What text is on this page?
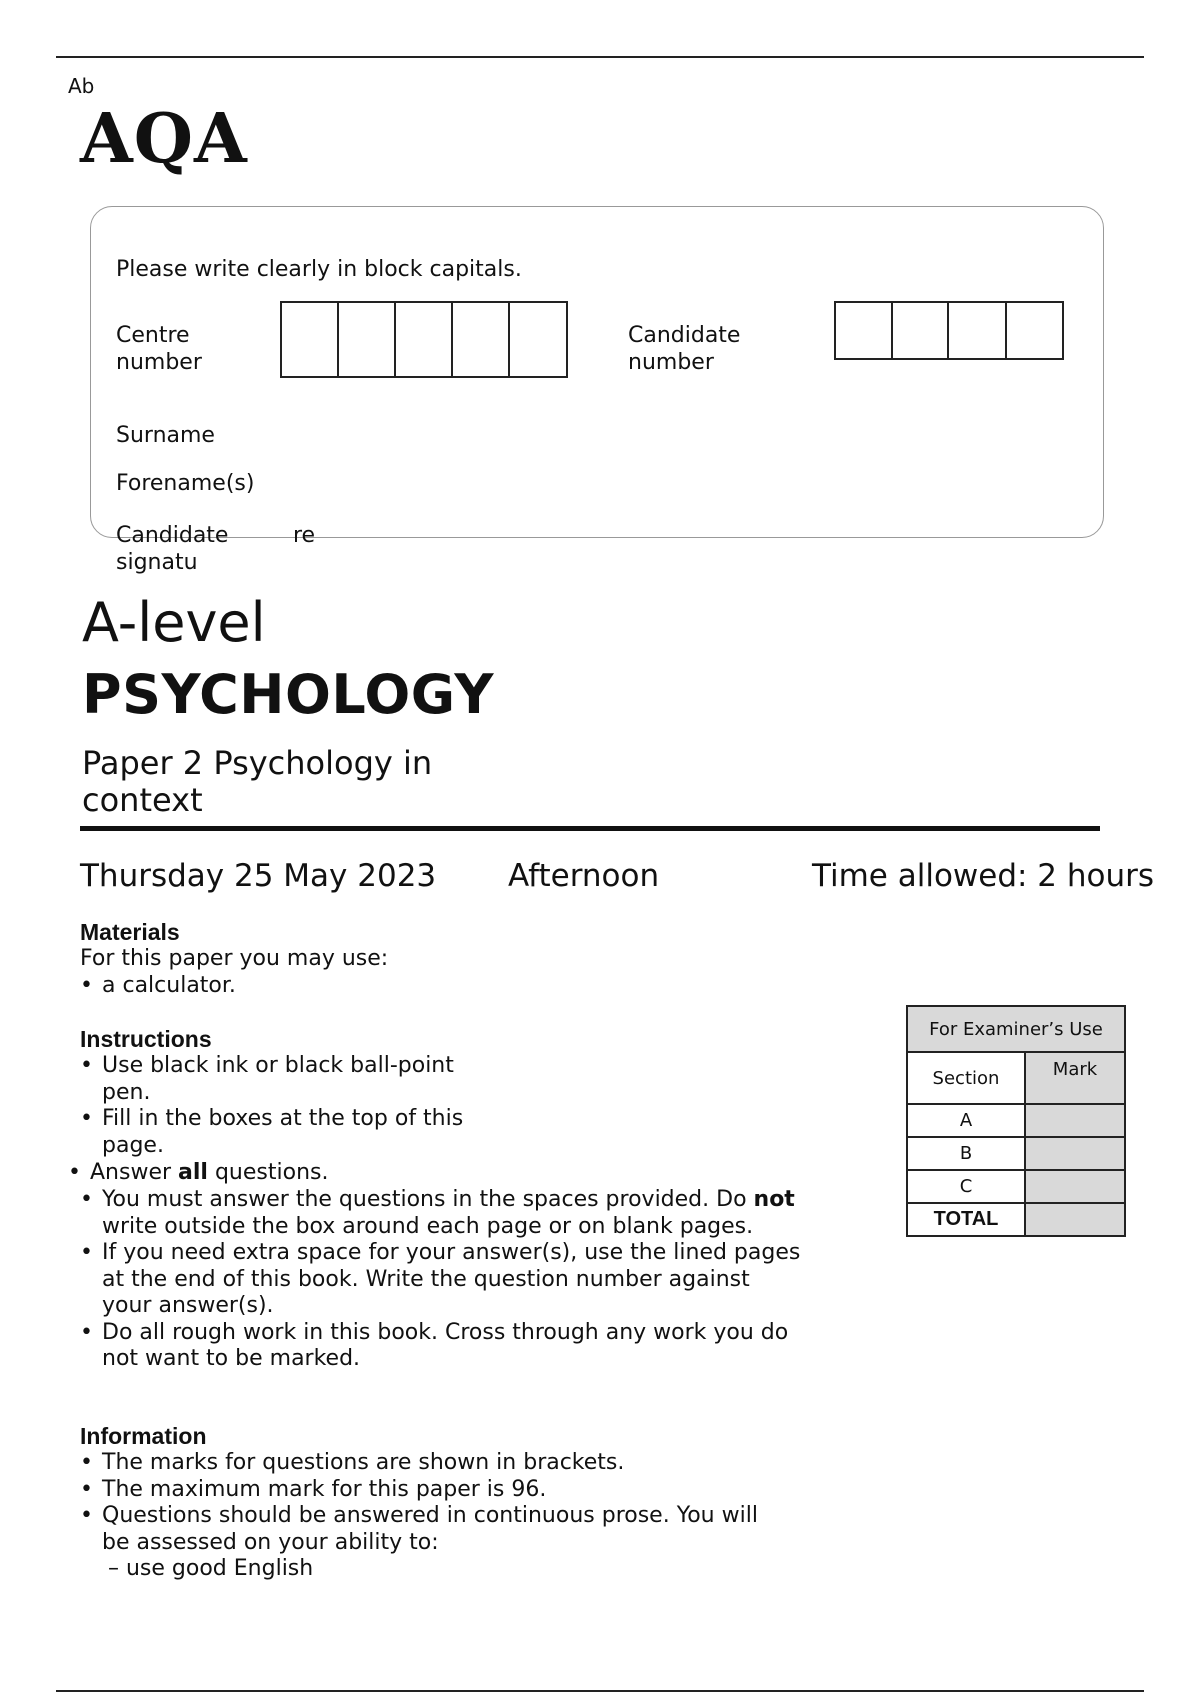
Ab
AQA
Please write clearly in block capitals.
Centre
number
Candidate
number
Surname
Forename(s)
Candidate
signatu
re
A-level
PSYCHOLOGY
Paper 2 Psychology in context
Thursday 25 May 2023 Afternoon	Time allowed: 2 hours
Materials
For this paper you may use:
• a calculator.
Instructions
• Use black ink or black ball-point pen.
• Fill in the boxes at the top of this page.
• Answer all questions.
• You must answer the questions in the spaces provided. Do not write outside the box around each page or on blank pages.
• If you need extra space for your answer(s), use the lined pages at the end of this book. Write the question number against your answer(s).
• Do all rough work in this book. Cross through any work you do not want to be marked.
Information
• The marks for questions are shown in brackets.
• The maximum mark for this paper is 96.
• Questions should be answered in continuous prose. You will be assessed on your ability to:
– use good English
For Examiner’s Use	
Section	Mark
A	
B	
C	
TOTAL	
